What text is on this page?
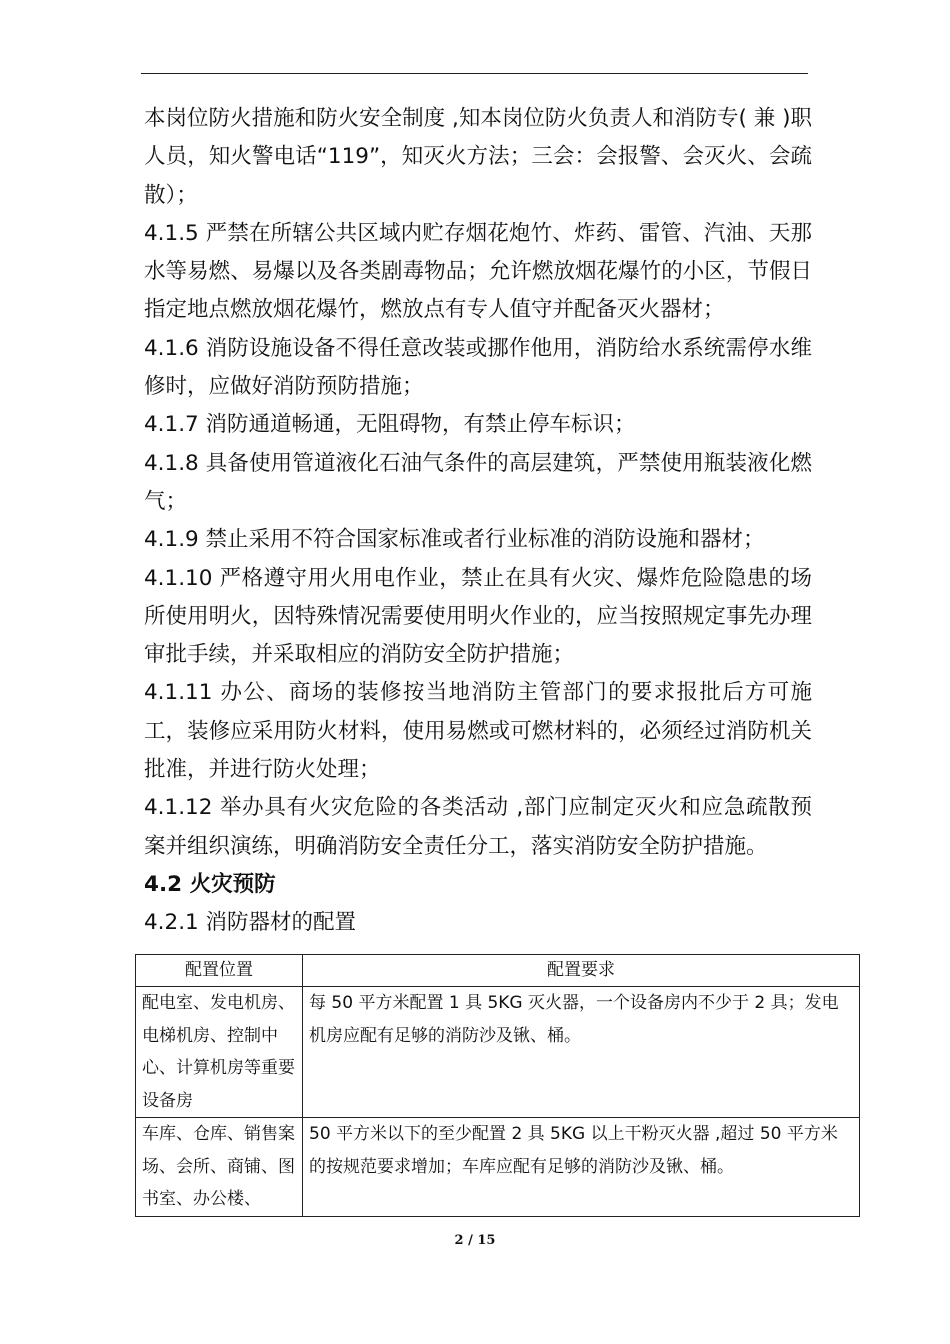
本岗位防火措施和防火安全制度 ,知本岗位防火负责人和消防专( 兼 )职人员，知火警电话“119”，知灭火方法；三会：会报警、会灭火、会疏散）；

4.1.5 严禁在所辖公共区域内贮存烟花炮竹、炸药、雷管、汽油、天那水等易燃、易爆以及各类剧毒物品；允许燃放烟花爆竹的小区，节假日指定地点燃放烟花爆竹，燃放点有专人值守并配备灭火器材；

4.1.6 消防设施设备不得任意改装或挪作他用，消防给水系统需停水维修时，应做好消防预防措施；

4.1.7 消防通道畅通，无阻碍物，有禁止停车标识；

4.1.8 具备使用管道液化石油气条件的高层建筑，严禁使用瓶装液化燃气；

4.1.9 禁止采用不符合国家标准或者行业标准的消防设施和器材；

4.1.10 严格遵守用火用电作业，禁止在具有火灾、爆炸危险隐患的场所使用明火，因特殊情况需要使用明火作业的，应当按照规定事先办理审批手续，并采取相应的消防安全防护措施；

4.1.11 办公、商场的装修按当地消防主管部门的要求报批后方可施工，装修应采用防火材料，使用易燃或可燃材料的，必须经过消防机关批准，并进行防火处理；

4.1.12 举办具有火灾危险的各类活动 ,部门应制定灭火和应急疏散预案并组织演练，明确消防安全责任分工，落实消防安全防护措施。

4.2 火灾预防

4.2.1 消防器材的配置

配置位置	配置要求
配电室、发电机房、电梯机房、控制中心、计算机房等重要设备房	每 50 平方米配置 1 具 5KG 灭火器，一个设备房内不少于 2 具；发电机房应配有足够的消防沙及锹、桶。
车库、仓库、销售案场、会所、商铺、图书室、办公楼、	50 平方米以下的至少配置 2 具 5KG 以上干粉灭火器 ,超过 50 平方米的按规范要求增加；车库应配有足够的消防沙及锹、桶。
2 / 15
